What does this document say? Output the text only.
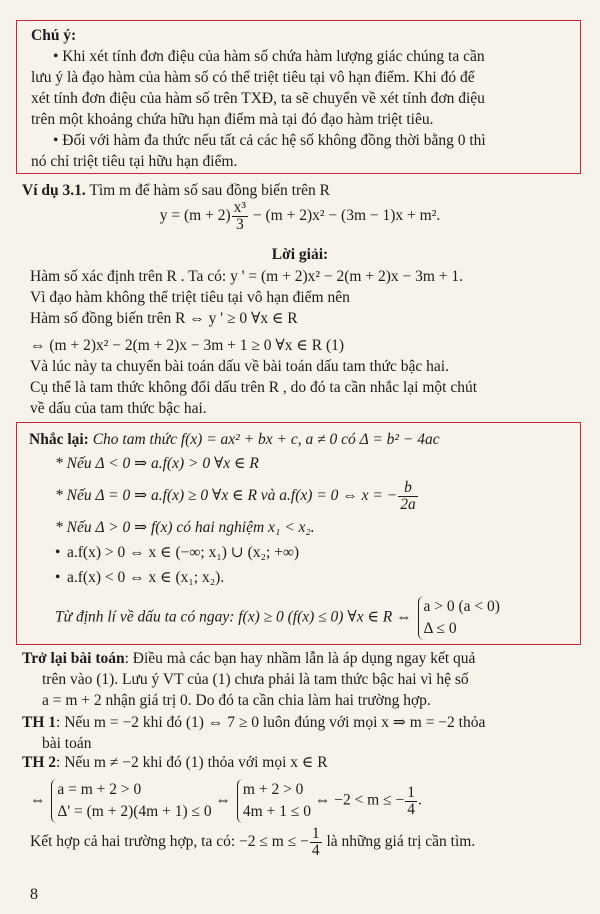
Chú ý:
• Khi xét tính đơn điệu của hàm số chứa hàm lượng giác chúng ta cần
lưu ý là đạo hàm của hàm số có thể triệt tiêu tại vô hạn điểm. Khi đó để
xét tính đơn điệu của hàm số trên TXĐ, ta sẽ chuyển về xét tính đơn điệu
trên một khoảng chứa hữu hạn điểm mà tại đó đạo hàm triệt tiêu.
• Đối với hàm đa thức nếu tất cả các hệ số không đồng thời bằng 0 thì
nó chỉ triệt tiêu tại hữu hạn điểm.
Ví dụ 3.1. Tìm m để hàm số sau đồng biến trên R
$y = (m + 2) \frac{\text{x³}}{3} - (m + 2)x^2 - (3m - 1)x + m^2$.
Lời giải:
Hàm số xác định trên R . Ta có: y ' = (m + 2)x² − 2(m + 2)x − 3m + 1.
Vì đạo hàm không thể triệt tiêu tại vô hạn điểm nên
Hàm số đồng biến trên R ⇔ y ' ≥ 0 ∀x ∈ R
⇔ (m + 2)x² − 2(m + 2)x − 3m + 1 ≥ 0 ∀x ∈ R (1)
Và lúc này ta chuyển bài toán dấu về bài toán dấu tam thức bậc hai.
Cụ thể là tam thức không đổi dấu trên R , do đó ta cần nhắc lại một chút
về dấu của tam thức bậc hai.
Nhắc lại: Cho tam thức f(x) = ax² + bx + c, a ≠ 0 có Δ = b² − 4ac
* Nếu Δ < 0 ⇒ a.f(x) > 0 ∀x ∈ R
* Nếu Δ = 0 ⇒ a.f(x) ≥ 0 ∀x ∈ R và a.f(x) = 0 ⇔ x = − $\frac{b}{2a}$
* Nếu Δ > 0 ⇒ f(x) có hai nghiệm x₁ < x₂.
• a.f(x) > 0 ⇔ x ∈ (−∞; x₁) ∪ (x₂; +∞)
• a.f(x) < 0 ⇔ x ∈ (x₁; x₂).
Từ định lí về dấu ta có ngay: f(x) ≥ 0 (f(x) ≤ 0) ∀x ∈ R ⇔
a > 0 (a < 0)
Δ ≤ 0
Trở lại bài toán: Điều mà các bạn hay nhầm lẫn là áp dụng ngay kết quả
trên vào (1). Lưu ý VT của (1) chưa phải là tam thức bậc hai vì hệ số
a = m + 2 nhận giá trị 0. Do đó ta cần chia làm hai trường hợp.
TH 1: Nếu m = −2 khi đó (1) ⇔ 7 ≥ 0 luôn đúng với mọi x ⇒ m = −2 thỏa
bài toán
TH 2: Nếu m ≠ −2 khi đó (1) thỏa với mọi x ∈ R
⇔
a = m + 2 > 0
Δ' = (m + 2)(4m + 1) ≤ 0
⇔
m + 2 > 0
4m + 1 ≤ 0
⇔ −2 < m ≤ − $\frac{1}{4}$ .
Kết hợp cả hai trường hợp, ta có: −2 ≤ m ≤ − $\frac{1}{4}$ là những giá trị cần tìm.
8
